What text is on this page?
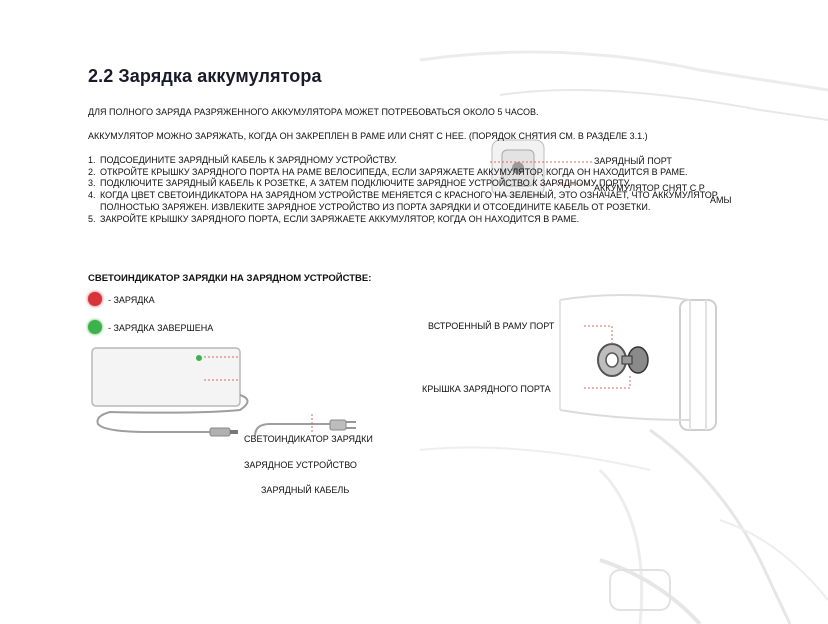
2.2 Зарядка аккумулятора
ДЛЯ ПОЛНОГО ЗАРЯДА РАЗРЯЖЕННОГО АККУМУЛЯТОРА МОЖЕТ ПОТРЕБОВАТЬСЯ ОКОЛО 5 ЧАСОВ.
АККУМУЛЯТОР МОЖНО ЗАРЯЖАТЬ, КОГДА ОН ЗАКРЕПЛЕН В РАМЕ ИЛИ СНЯТ С НЕЕ. (ПОРЯДОК СНЯТИЯ СМ. В РАЗДЕЛЕ 3.1.)
1. ПОДСОЕДИНИТЕ ЗАРЯДНЫЙ КАБЕЛЬ К ЗАРЯДНОМУ УСТРОЙСТВУ.
2. ОТКРОЙТЕ КРЫШКУ ЗАРЯДНОГО ПОРТА НА РАМЕ ВЕЛОСИПЕДА, ЕСЛИ ЗАРЯЖАЕТЕ АККУМУЛЯТОР, КОГДА ОН НАХОДИТСЯ В РАМЕ.
3. ПОДКЛЮЧИТЕ ЗАРЯДНЫЙ КАБЕЛЬ К РОЗЕТКЕ, А ЗАТЕМ ПОДКЛЮЧИТЕ ЗАРЯДНОЕ УСТРОЙСТВО К ЗАРЯДНОМУ ПОРТУ.
4. КОГДА ЦВЕТ СВЕТОИНДИКАТОРА НА ЗАРЯДНОМ УСТРОЙСТВЕ МЕНЯЕТСЯ С КРАСНОГО НА ЗЕЛЕНЫЙ, ЭТО ОЗНАЧАЕТ, ЧТО АККУМУЛЯТОР ПОЛНОСТЬЮ ЗАРЯЖЕН. ИЗВЛЕКИТЕ ЗАРЯДНОЕ УСТРОЙСТВО ИЗ ПОРТА ЗАРЯДКИ И ОТСОЕДИНИТЕ КАБЕЛЬ ОТ РОЗЕТКИ.
5. ЗАКРОЙТЕ КРЫШКУ ЗАРЯДНОГО ПОРТА, ЕСЛИ ЗАРЯЖАЕТЕ АККУМУЛЯТОР, КОГДА ОН НАХОДИТСЯ В РАМЕ.
СВЕТОИНДИКАТОР ЗАРЯДКИ НА ЗАРЯДНОМ УСТРОЙСТВЕ:
- ЗАРЯДКА
- ЗАРЯДКА ЗАВЕРШЕНА
ЗАРЯДНЫЙ ПОРТ
АККУМУЛЯТОР СНЯТ С Р
АМЫ
ВСТРОЕННЫЙ В РАМУ ПОРТ
КРЫШКА ЗАРЯДНОГО ПОРТА
СВЕТОИНДИКАТОР ЗАРЯДКИ
ЗАРЯДНОЕ УСТРОЙСТВО
ЗАРЯДНЫЙ КАБЕЛЬ
